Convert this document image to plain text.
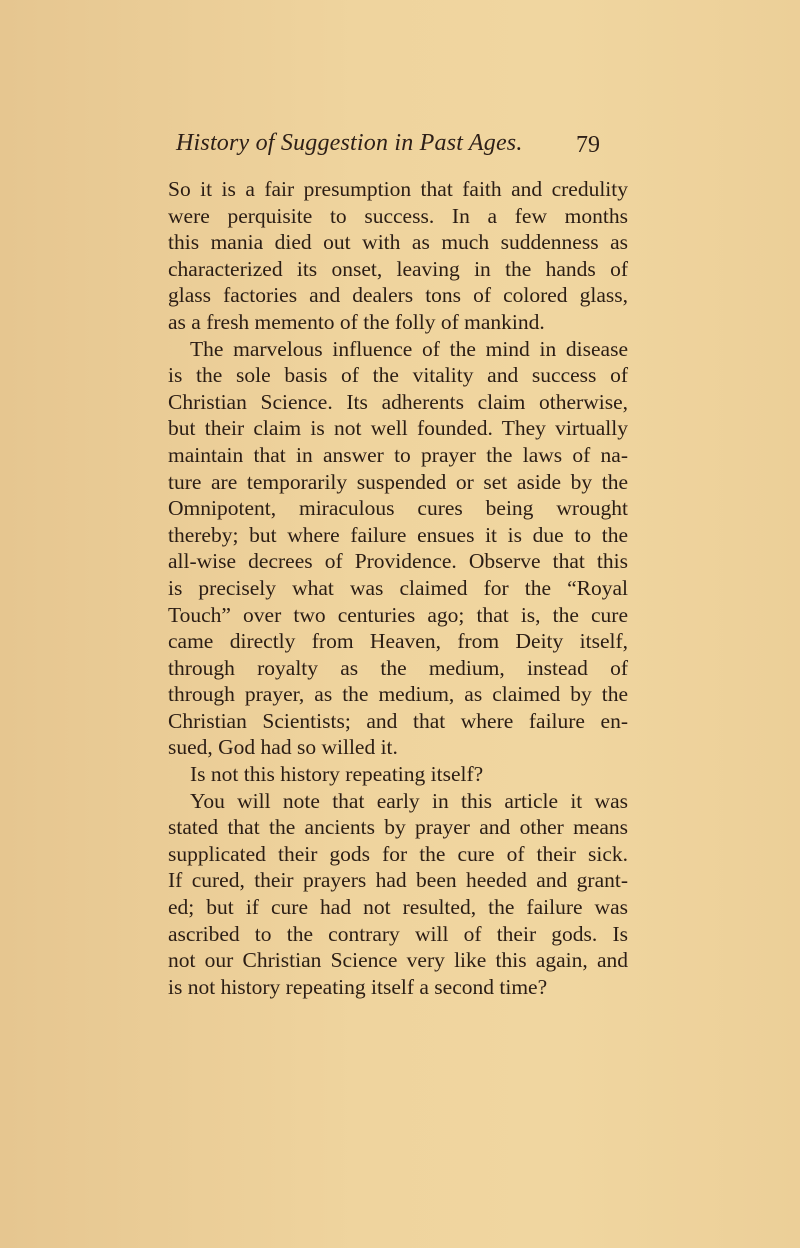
History of Suggestion in Past Ages. 79
So it is a fair presumption that faith and credulity
were perquisite to success. In a few months
this mania died out with as much suddenness as
characterized its onset, leaving in the hands of
glass factories and dealers tons of colored glass,
as a fresh memento of the folly of mankind.
The marvelous influence of the mind in disease
is the sole basis of the vitality and success of
Christian Science. Its adherents claim otherwise,
but their claim is not well founded. They virtually
maintain that in answer to prayer the laws of na-
ture are temporarily suspended or set aside by the
Omnipotent, miraculous cures being wrought
thereby; but where failure ensues it is due to the
all-wise decrees of Providence. Observe that this
is precisely what was claimed for the “Royal
Touch” over two centuries ago; that is, the cure
came directly from Heaven, from Deity itself,
through royalty as the medium, instead of
through prayer, as the medium, as claimed by the
Christian Scientists; and that where failure en-
sued, God had so willed it.
Is not this history repeating itself?
You will note that early in this article it was
stated that the ancients by prayer and other means
supplicated their gods for the cure of their sick.
If cured, their prayers had been heeded and grant-
ed; but if cure had not resulted, the failure was
ascribed to the contrary will of their gods. Is
not our Christian Science very like this again, and
is not history repeating itself a second time?
